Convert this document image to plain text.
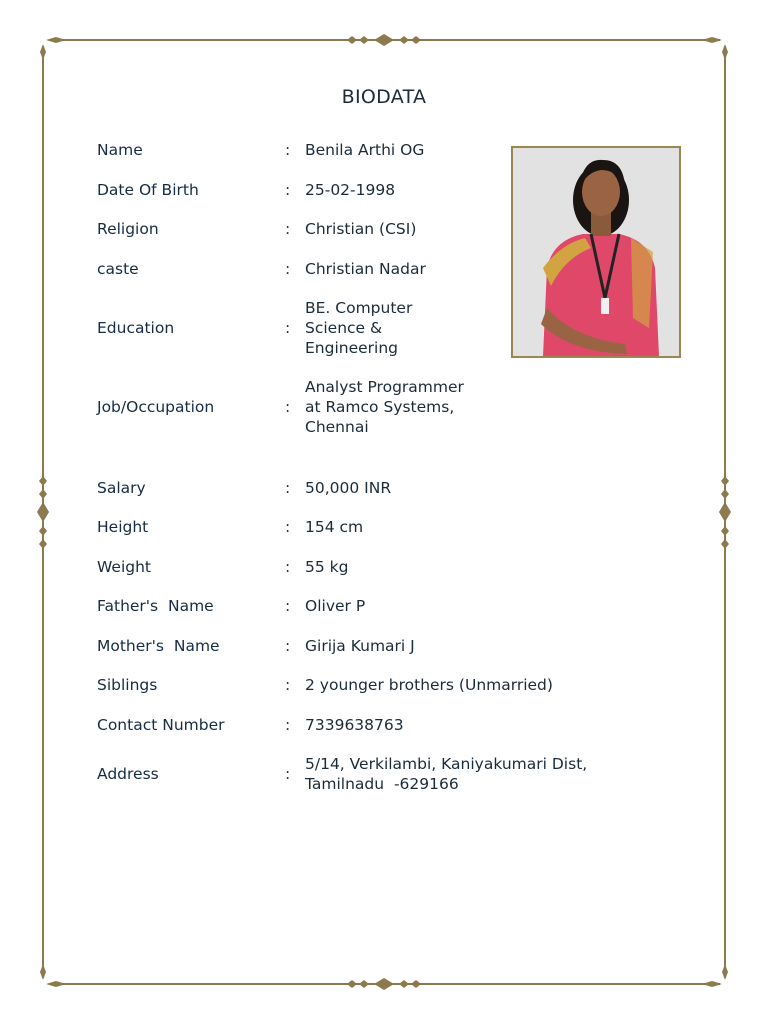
BIODATA
Name	: Benila Arthi OG
Date Of Birth	: 25-02-1998
Religion	: Christian (CSI)
caste	: Christian Nadar
Education	:
BE. Computer Science & Engineering
Job/Occupation	:
Analyst Programmer at Ramco Systems, Chennai
Salary	: 50,000 INR
Height	: 154 cm
Weight	: 55 kg
Father's  Name	: Oliver P
Mother's  Name	: Girija Kumari J
Siblings	: 2 younger brothers (Unmarried)
Contact Number	: 7339638763
Address	:
5/14, Verkilambi, Kaniyakumari Dist, Tamilnadu  -629166
